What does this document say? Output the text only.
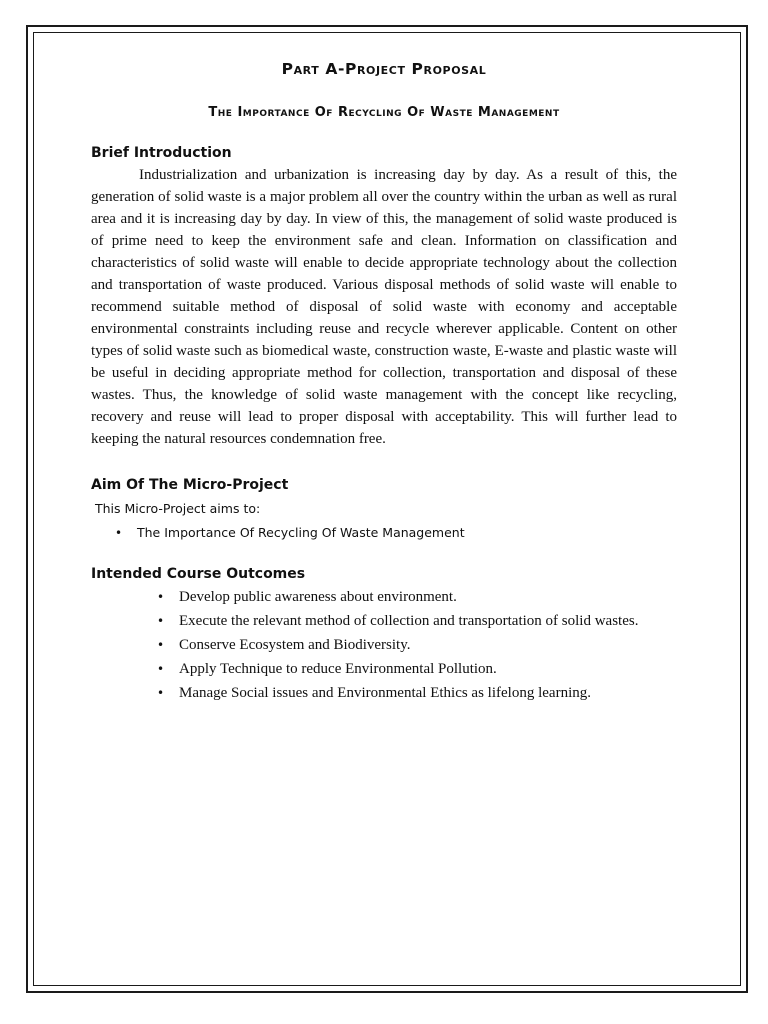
Part A-Project Proposal
The Importance Of Recycling Of Waste Management
Brief Introduction

Industrialization and urbanization is increasing day by day. As a result of this, the generation of solid waste is a major problem all over the country within the urban as well as rural area and it is increasing day by day. In view of this, the management of solid waste produced is of prime need to keep the environment safe and clean. Information on classification and characteristics of solid waste will enable to decide appropriate technology about the collection and transportation of waste produced. Various disposal methods of solid waste will enable to recommend suitable method of disposal of solid waste with economy and acceptable environmental constraints including reuse and recycle wherever applicable. Content on other types of solid waste such as biomedical waste, construction waste, E-waste and plastic waste will be useful in deciding appropriate method for collection, transportation and disposal of these wastes. Thus, the knowledge of solid waste management with the concept like recycling, recovery and reuse will lead to proper disposal with acceptability. This will further lead to keeping the natural resources condemnation free.

Aim Of The Micro-Project

This Micro-Project aims to:

• The Importance Of Recycling Of Waste Management
Intended Course Outcomes
• Develop public awareness about environment.
• Execute the relevant method of collection and transportation of solid wastes.
• Conserve Ecosystem and Biodiversity.
• Apply Technique to reduce Environmental Pollution.
• Manage Social issues and Environmental Ethics as lifelong learning.
